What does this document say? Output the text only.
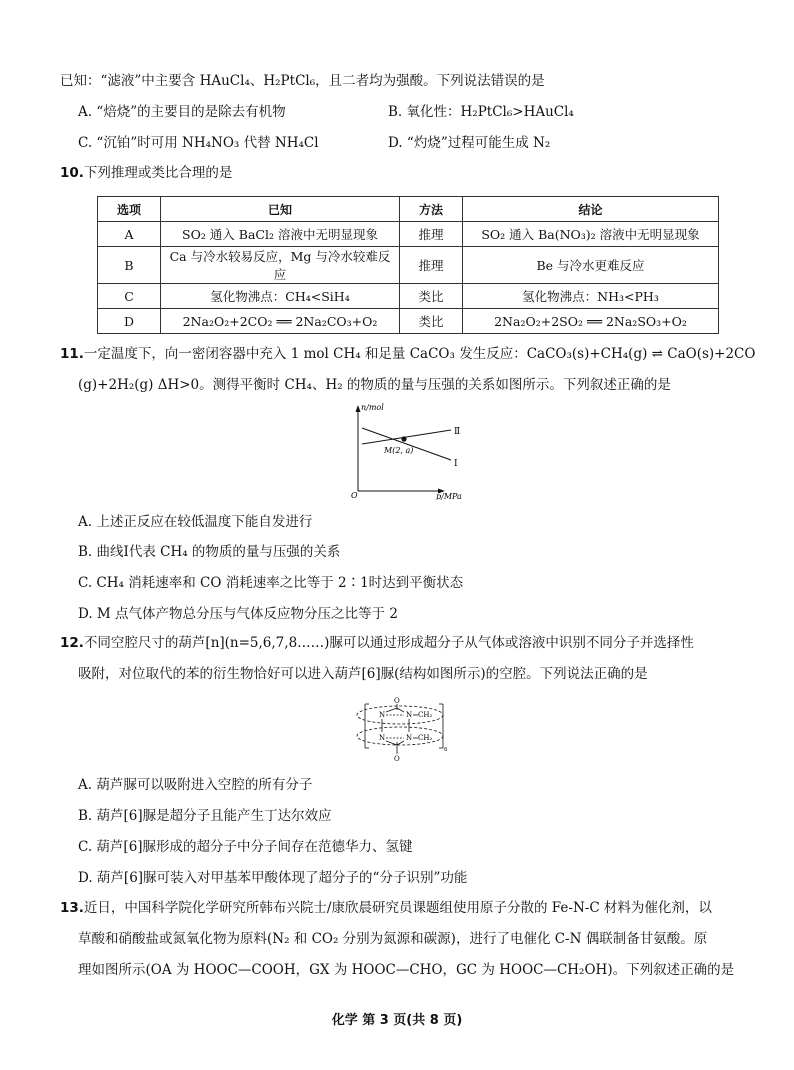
已知：“滤液”中主要含 HAuCl₄、H₂PtCl₆，且二者均为强酸。下列说法错误的是
A. “焙烧”的主要目的是除去有机物	B. 氧化性：H₂PtCl₆>HAuCl₄
C. “沉铂”时可用 NH₄NO₃ 代替 NH₄Cl	D. “灼烧”过程可能生成 N₂
10.下列推理或类比合理的是
选项	已知	方法	结论
A	SO₂ 通入 BaCl₂ 溶液中无明显现象	推理	SO₂ 通入 Ba(NO₃)₂ 溶液中无明显现象
B	Ca 与冷水较易反应，Mg 与冷水较难反应	推理	Be 与冷水更难反应
C	氢化物沸点：CH₄<SiH₄	类比	氢化物沸点：NH₃<PH₃
D	2Na₂O₂+2CO₂ ══ 2Na₂CO₃+O₂	类比	2Na₂O₂+2SO₂ ══ 2Na₂SO₃+O₂
11.一定温度下，向一密闭容器中充入 1 mol CH₄ 和足量 CaCO₃ 发生反应：CaCO₃(s)+CH₄(g) ⇌ CaO(s)+2CO
(g)+2H₂(g) ΔH>0。测得平衡时 CH₄、H₂ 的物质的量与压强的关系如图所示。下列叙述正确的是
n/mol
p/MPa
O
Ⅰ
Ⅱ
M(2, a)
A. 上述正反应在较低温度下能自发进行
B. 曲线Ⅰ代表 CH₄ 的物质的量与压强的关系
C. CH₄ 消耗速率和 CO 消耗速率之比等于 2∶1时达到平衡状态
D. M 点气体产物总分压与气体反应物分压之比等于 2
12.不同空腔尺寸的葫芦[n](n=5,6,7,8……)脲可以通过形成超分子从气体或溶液中识别不同分子并选择性
吸附，对位取代的苯的衍生物恰好可以进入葫芦[6]脲(结构如图所示)的空腔。下列说法正确的是
O
O
N	N
N	N
CH₂
CH₂
6
A. 葫芦脲可以吸附进入空腔的所有分子
B. 葫芦[6]脲是超分子且能产生丁达尔效应
C. 葫芦[6]脲形成的超分子中分子间存在范德华力、氢键
D. 葫芦[6]脲可装入对甲基苯甲酸体现了超分子的“分子识别”功能
13.近日，中国科学院化学研究所韩布兴院士/康欣晨研究员课题组使用原子分散的 Fe-N-C 材料为催化剂，以
草酸和硝酸盐或氮氧化物为原料(N₂ 和 CO₂ 分别为氮源和碳源)，进行了电催化 C-N 偶联制备甘氨酸。原
理如图所示(OA 为 HOOC—COOH，GX 为 HOOC—CHO，GC 为 HOOC—CH₂OH)。下列叙述正确的是
化学 第 3 页(共 8 页)
